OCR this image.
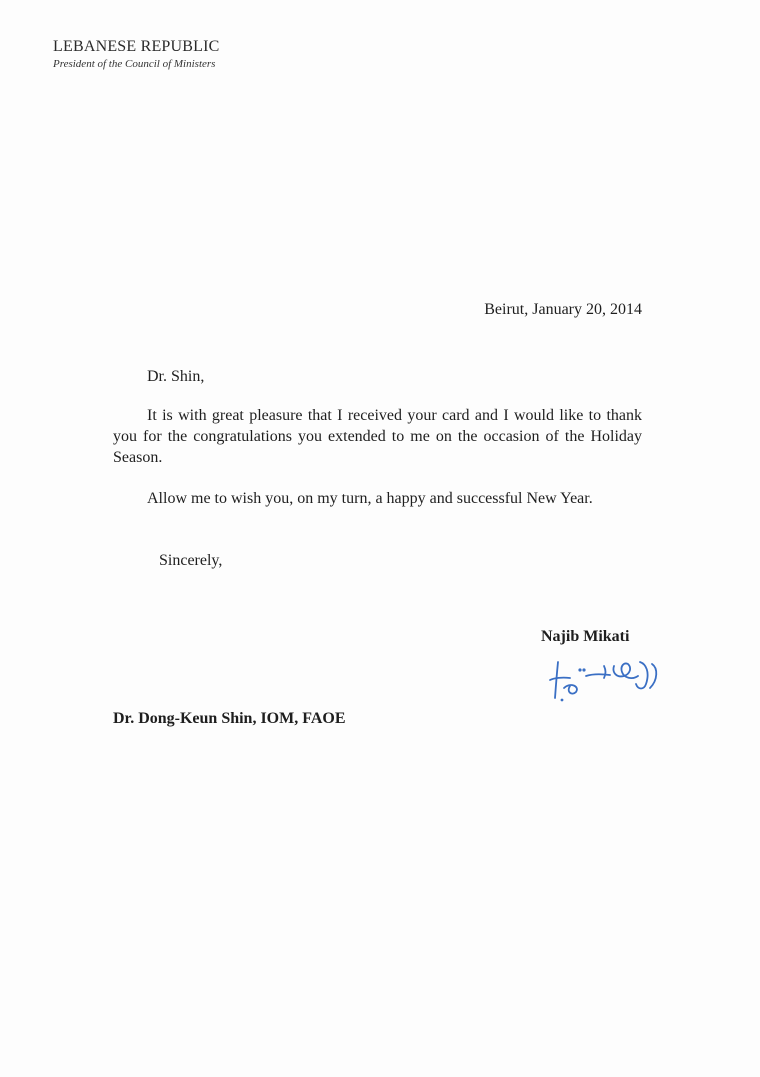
LEBANESE REPUBLIC
President of the Council of Ministers
Beirut, January 20, 2014
Dr. Shin,
It is with great pleasure that I received your card and I would like to thank you for the congratulations you extended to me on the occasion of the Holiday Season.
Allow me to wish you, on my turn, a happy and successful New Year.
Sincerely,
Najib Mikati
Dr. Dong-Keun Shin, IOM, FAOE
